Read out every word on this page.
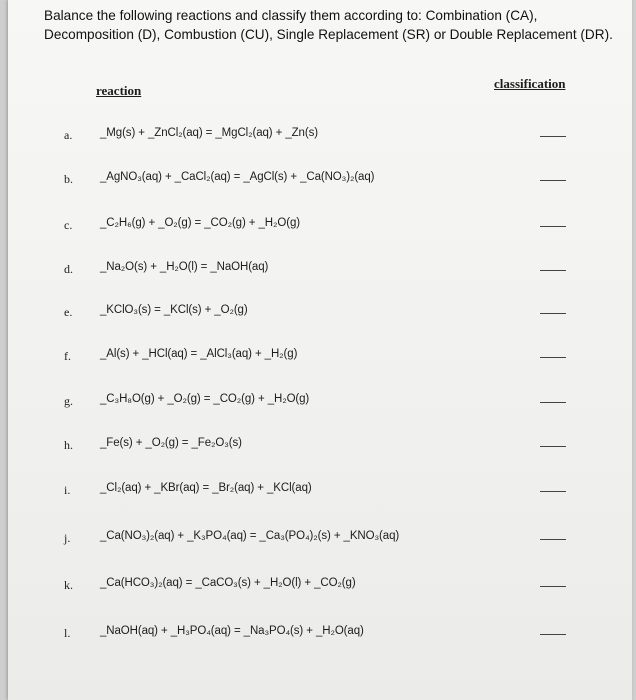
Balance the following reactions and classify them according to: Combination (CA), Decomposition (D), Combustion (CU), Single Replacement (SR) or Double Replacement (DR).
reaction	classification
a. _Mg(s) + _ZnCl₂(aq) = _MgCl₂(aq) + _Zn(s)
b. _AgNO₃(aq) + _CaCl₂(aq) = _AgCl(s) + _Ca(NO₃)₂(aq)
c. _C₂H₆(g) + _O₂(g) = _CO₂(g) + _H₂O(g)
d. _Na₂O(s) + _H₂O(l) = _NaOH(aq)
e. _KClO₃(s) = _KCl(s) + _O₂(g)
f.	_Al(s) + _HCl(aq) = _AlCl₃(aq) + _H₂(g)
g. _C₃H₈O(g) + _O₂(g) = _CO₂(g) + _H₂O(g)
h. _Fe(s) + _O₂(g) = _Fe₂O₃(s)
i.	_Cl₂(aq) + _KBr(aq) = _Br₂(aq) + _KCl(aq)
j.	_Ca(NO₃)₂(aq) + _K₃PO₄(aq) = _Ca₃(PO₄)₂(s) + _KNO₃(aq)
k. _Ca(HCO₃)₂(aq) = _CaCO₃(s) + _H₂O(l) + _CO₂(g)
l.	_NaOH(aq) + _H₃PO₄(aq) = _Na₃PO₄(s) + _H₂O(aq)
